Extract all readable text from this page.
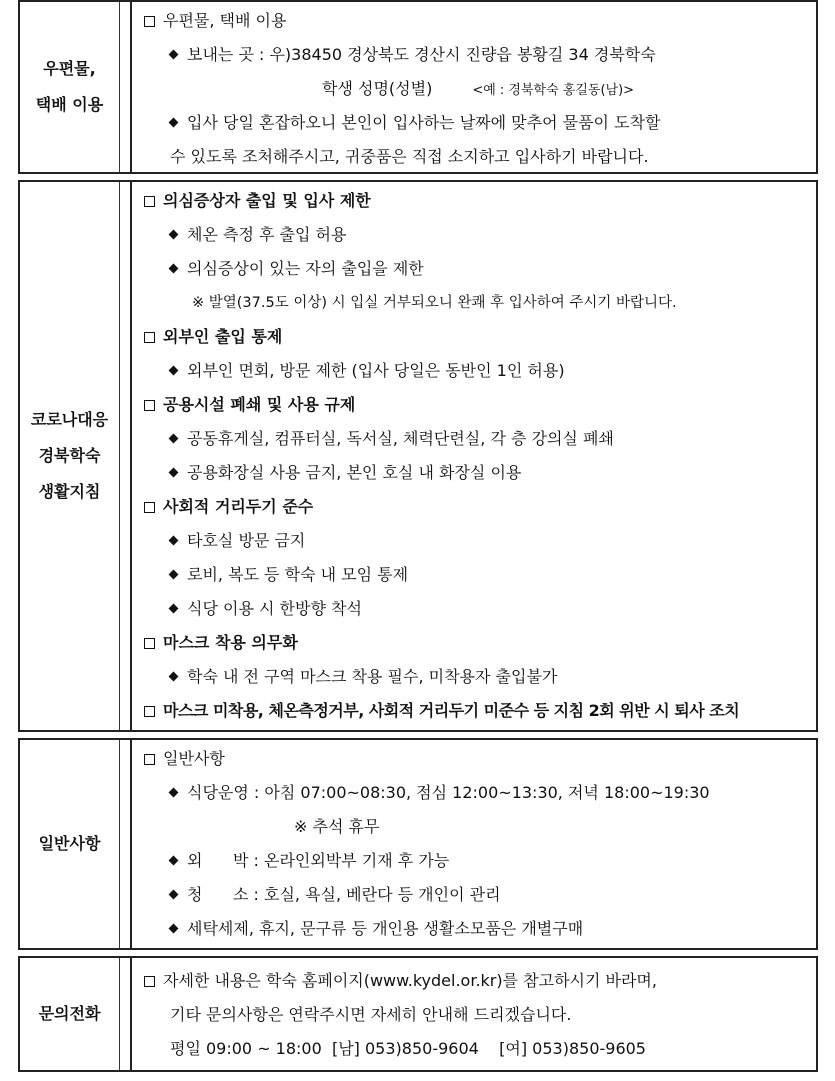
우편물,
택배 이용
우편물, 택배 이용
보내는 곳 : 우)38450 경상북도 경산시 진량읍 봉황길 34 경북학숙
학생 성명(성별)	<예 : 경북학숙 홍길동(남)>
입사 당일 혼잡하오니 본인이 입사하는 날짜에 맞추어 물품이 도착할
수 있도록 조처해주시고, 귀중품은 직접 소지하고 입사하기 바랍니다.
코로나대응
경북학숙
생활지침
의심증상자 출입 및 입사 제한
체온 측정 후 출입 허용
의심증상이 있는 자의 출입을 제한
※ 발열(37.5도 이상) 시 입실 거부되오니 완쾌 후 입사하여 주시기 바랍니다.
외부인 출입 통제
외부인 면회, 방문 제한 (입사 당일은 동반인 1인 허용)
공용시설 폐쇄 및 사용 규제
공동휴게실, 컴퓨터실, 독서실, 체력단련실, 각 층 강의실 폐쇄
공용화장실 사용 금지, 본인 호실 내 화장실 이용
사회적 거리두기 준수
타호실 방문 금지
로비, 복도 등 학숙 내 모임 통제
식당 이용 시 한방향 착석
마스크 착용 의무화
학숙 내 전 구역 마스크 착용 필수, 미착용자 출입불가
마스크 미착용, 체온측정거부, 사회적 거리두기 미준수 등 지침 2회 위반 시 퇴사 조치
일반사항
일반사항
식당운영 : 아침 07:00~08:30, 점심 12:00~13:30, 저녁 18:00~19:30
※ 추석 휴무
외      박 : 온라인외박부 기재 후 가능
청      소 : 호실, 욕실, 베란다 등 개인이 관리
세탁세제, 휴지, 문구류 등 개인용 생활소모품은 개별구매
문의전화
자세한 내용은 학숙 홈페이지(www.kydel.or.kr)를 참고하시기 바라며,
기타 문의사항은 연락주시면 자세히 안내해 드리겠습니다.
평일 09:00 ~ 18:00  [남] 053)850-9604    [여] 053)850-9605
